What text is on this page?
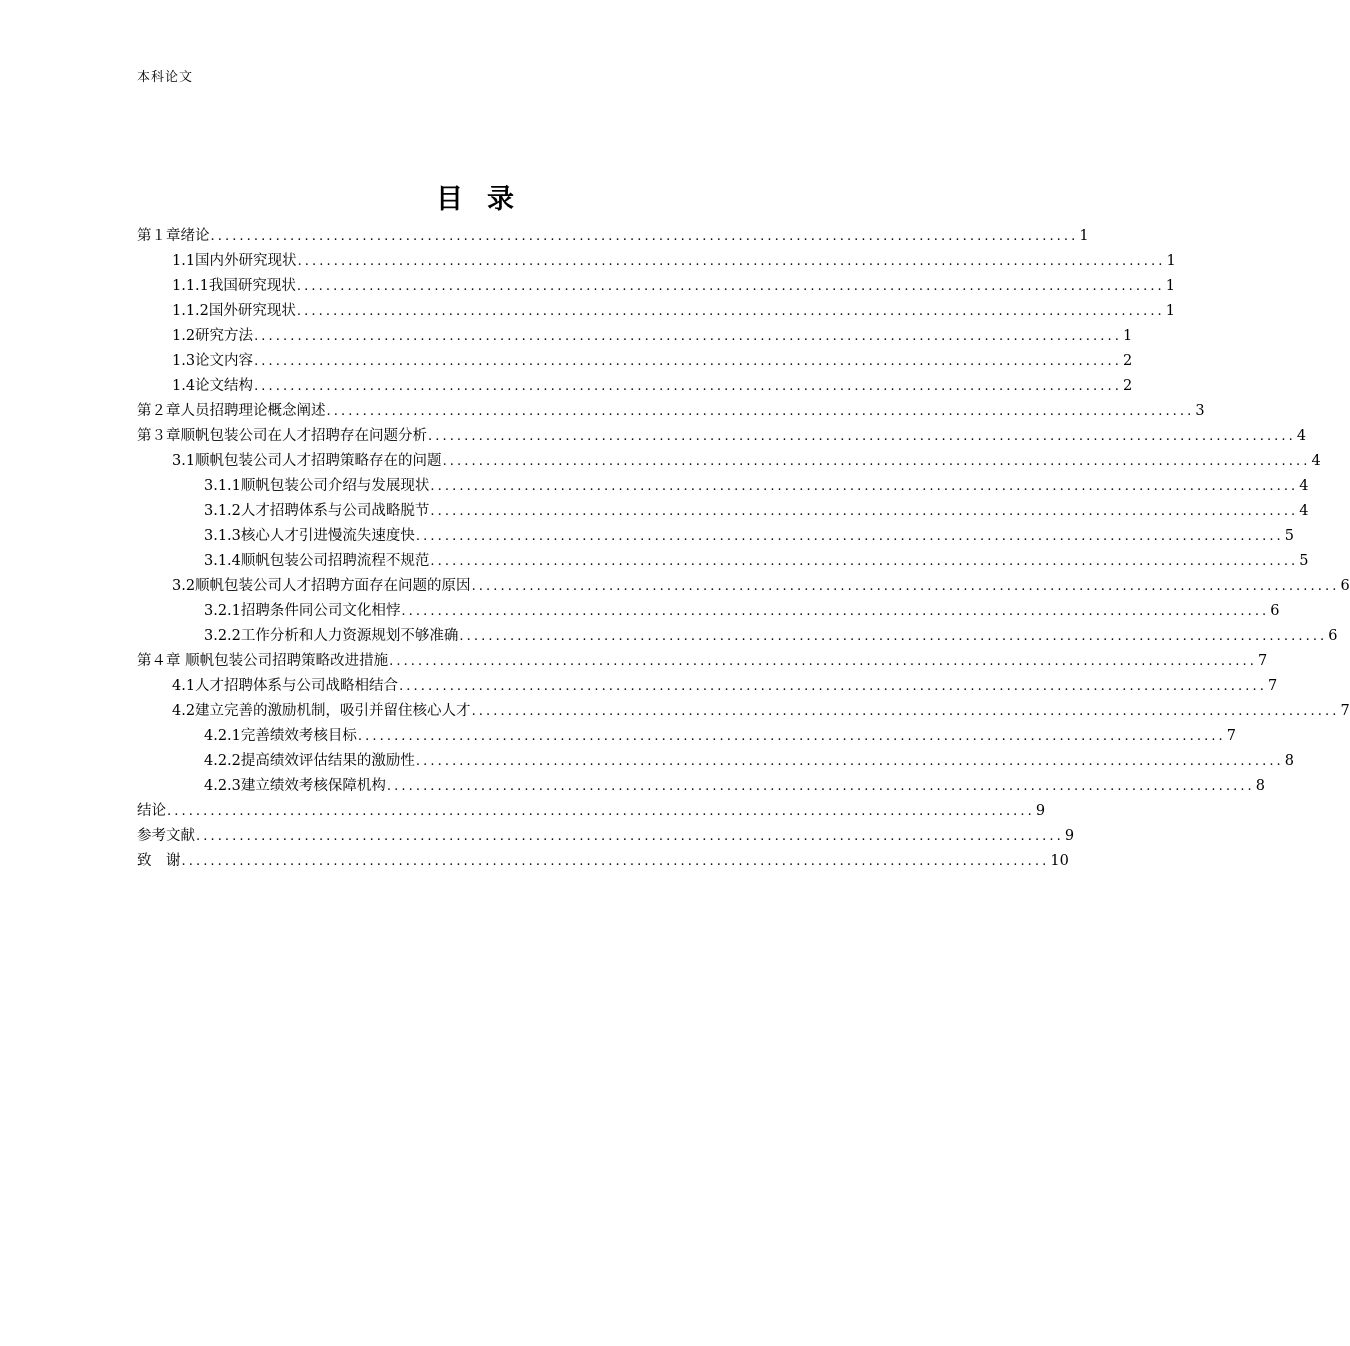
本科论文
目 录
第１章绪论 ........................................................................................................................ 1
1.1国内外研究现状 ........................................................................................................................ 1
1.1.1我国研究现状 ........................................................................................................................ 1
1.1.2国外研究现状 ........................................................................................................................ 1
1.2研究方法 ........................................................................................................................ 1
1.3论文内容 ........................................................................................................................ 2
1.4论文结构 ........................................................................................................................ 2
第２章人员招聘理论概念阐述 ........................................................................................................................ 3
第３章顺帆包装公司在人才招聘存在问题分析 ........................................................................................................................ 4
3.1顺帆包装公司人才招聘策略存在的问题 ........................................................................................................................ 4
3.1.1顺帆包装公司介绍与发展现状 ........................................................................................................................ 4
3.1.2人才招聘体系与公司战略脱节 ........................................................................................................................ 4
3.1.3核心人才引进慢流失速度快 ........................................................................................................................ 5
3.1.4顺帆包装公司招聘流程不规范 ........................................................................................................................ 5
3.2顺帆包装公司人才招聘方面存在问题的原因 ........................................................................................................................ 6
3.2.1招聘条件同公司文化相悖 ........................................................................................................................ 6
3.2.2工作分析和人力资源规划不够准确 ........................................................................................................................ 6
第４章 顺帆包装公司招聘策略改进措施 ........................................................................................................................ 7
4.1人才招聘体系与公司战略相结合 ........................................................................................................................ 7
4.2建立完善的激励机制，吸引并留住核心人才 ........................................................................................................................ 7
4.2.1完善绩效考核目标 ........................................................................................................................ 7
4.2.2提高绩效评估结果的激励性 ........................................................................................................................ 8
4.2.3建立绩效考核保障机构 ........................................................................................................................ 8
结论 ........................................................................................................................ 9
参考文献 ........................................................................................................................ 9
致　谢 ........................................................................................................................ 10
